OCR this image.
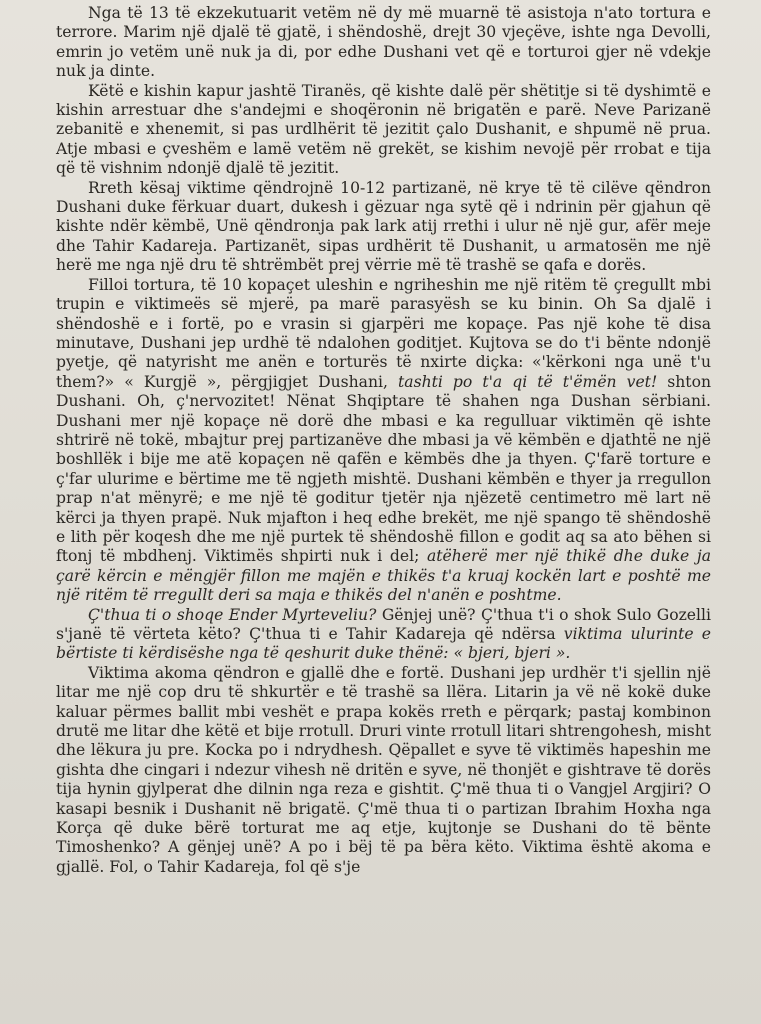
Nga të 13 të ekzekutuarit vetëm në dy më muarnë të asistoja n'ato tortura e terrore. Marim një djalë të gjatë, i shëndoshë, drejt 30 vjeçëve, ishte nga Devolli, emrin jo vetëm unë nuk ja di, por edhe Dushani vet që e torturoi gjer në vdekje nuk ja dinte.

Këtë e kishin kapur jashtë Tiranës, që kishte dalë për shëtitje si të dyshimtë e kishin arrestuar dhe s'andejmi e shoqëronin në brigatën e parë. Neve Parizanë zebanitë e xhenemit, si pas urdlhërit të jezitit çalo Dushanit, e shpumë në prua. Atje mbasi e çveshëm e lamë vetëm në grekët, se kishim nevojë për rrobat e tija që të vishnim ndonjë djalë të jezitit.

Rreth kësaj viktime qëndrojnë 10-12 partizanë, në krye të të cilëve qëndron Dushani duke fërkuar duart, dukesh i gëzuar nga sytë që i ndrinin për gjahun që kishte ndër këmbë, Unë qëndronja pak lark atij rrethi i ulur në një gur, afër meje dhe Tahir Kadareja. Partizanët, sipas urdhërit të Dushanit, u armatosën me një herë me nga një dru të shtrëmbët prej vërrie më të trashë se qafa e dorës.

Filloi tortura, të 10 kopaçet uleshin e ngriheshin me një ritëm të çregullt mbi trupin e viktimeës së mjerë, pa marë parasyësh se ku binin. Oh Sa djalë i shëndoshë e i fortë, po e vrasin si gjarpëri me kopaçe. Pas një kohe të disa minutave, Dushani jep urdhë të ndalohen goditjet. Kujtova se do t'i bënte ndonjë pyetje, që natyrisht me anën e torturës të nxirte diçka: «'kërkoni nga unë t'u them?» « Kurgjë », përgjigjet Dushani, tashti po t'a qi të t'ëmën vet! shton Dushani. Oh, ç'nervozitet! Nënat Shqiptare të shahen nga Dushan sërbiani. Dushani mer një kopaçe në dorë dhe mbasi e ka regulluar viktimën që ishte shtrirë në tokë, mbajtur prej partizanëve dhe mbasi ja vë këmbën e djathtë ne një boshllëk i bije me atë kopaçen në qafën e këmbës dhe ja thyen. Ç'farë torture e ç'far ulurime e bërtime me të ngjeth mishtë. Dushani këmbën e thyer ja rregullon prap n'at mënyrë; e me një të goditur tjetër nja njëzetë centimetro më lart në kërci ja thyen prapë. Nuk mjafton i heq edhe brekët, me një spango të shëndoshë e lith për koqesh dhe me një purtek të shëndoshë fillon e godit aq sa ato bëhen si ftonj të mbdhenj. Viktimës shpirti nuk i del; atëherë mer një thikë dhe duke ja çarë kërcin e mëngjër fillon me majën e thikës t'a kruaj kockën lart e poshtë me një ritëm të rregullt deri sa maja e thikës del n'anën e poshtme.

Ç'thua ti o shoqe Ender Myrteveliu? Gënjej unë? Ç'thua t'i o shok Sulo Gozelli s'janë të vërteta këto? Ç'thua ti e Tahir Kadareja që ndërsa viktima ulurinte e bërtiste ti kërdisëshe nga të qeshurit duke thënë: « bjeri, bjeri ».

Viktima akoma qëndron e gjallë dhe e fortë. Dushani jep urdhër t'i sjellin një litar me një cop dru të shkurtër e të trashë sa llëra. Litarin ja vë në kokë duke kaluar përmes ballit mbi veshët e prapa kokës rreth e përqark; pastaj kombinon drutë me litar dhe këtë et bije rrotull. Druri vinte rrotull litari shtrengohesh, misht dhe lëkura ju pre. Kocka po i ndrydhesh. Qëpallet e syve të viktimës hapeshin me gishta dhe cingari i ndezur vihesh në dritën e syve, në thonjët e gishtrave të dorës tija hynin gjylperat dhe dilnin nga reza e gishtit. Ç'më thua ti o Vangjel Argjiri? O kasapi besnik i Dushanit në brigatë. Ç'më thua ti o partizan Ibrahim Hoxha nga Korça që duke bërë torturat me aq etje, kujtonje se Dushani do të bënte Timoshenko? A gënjej unë? A po i bëj të pa bëra këto. Viktima është akoma e gjallë. Fol, o Tahir Kadareja, fol që s'je
